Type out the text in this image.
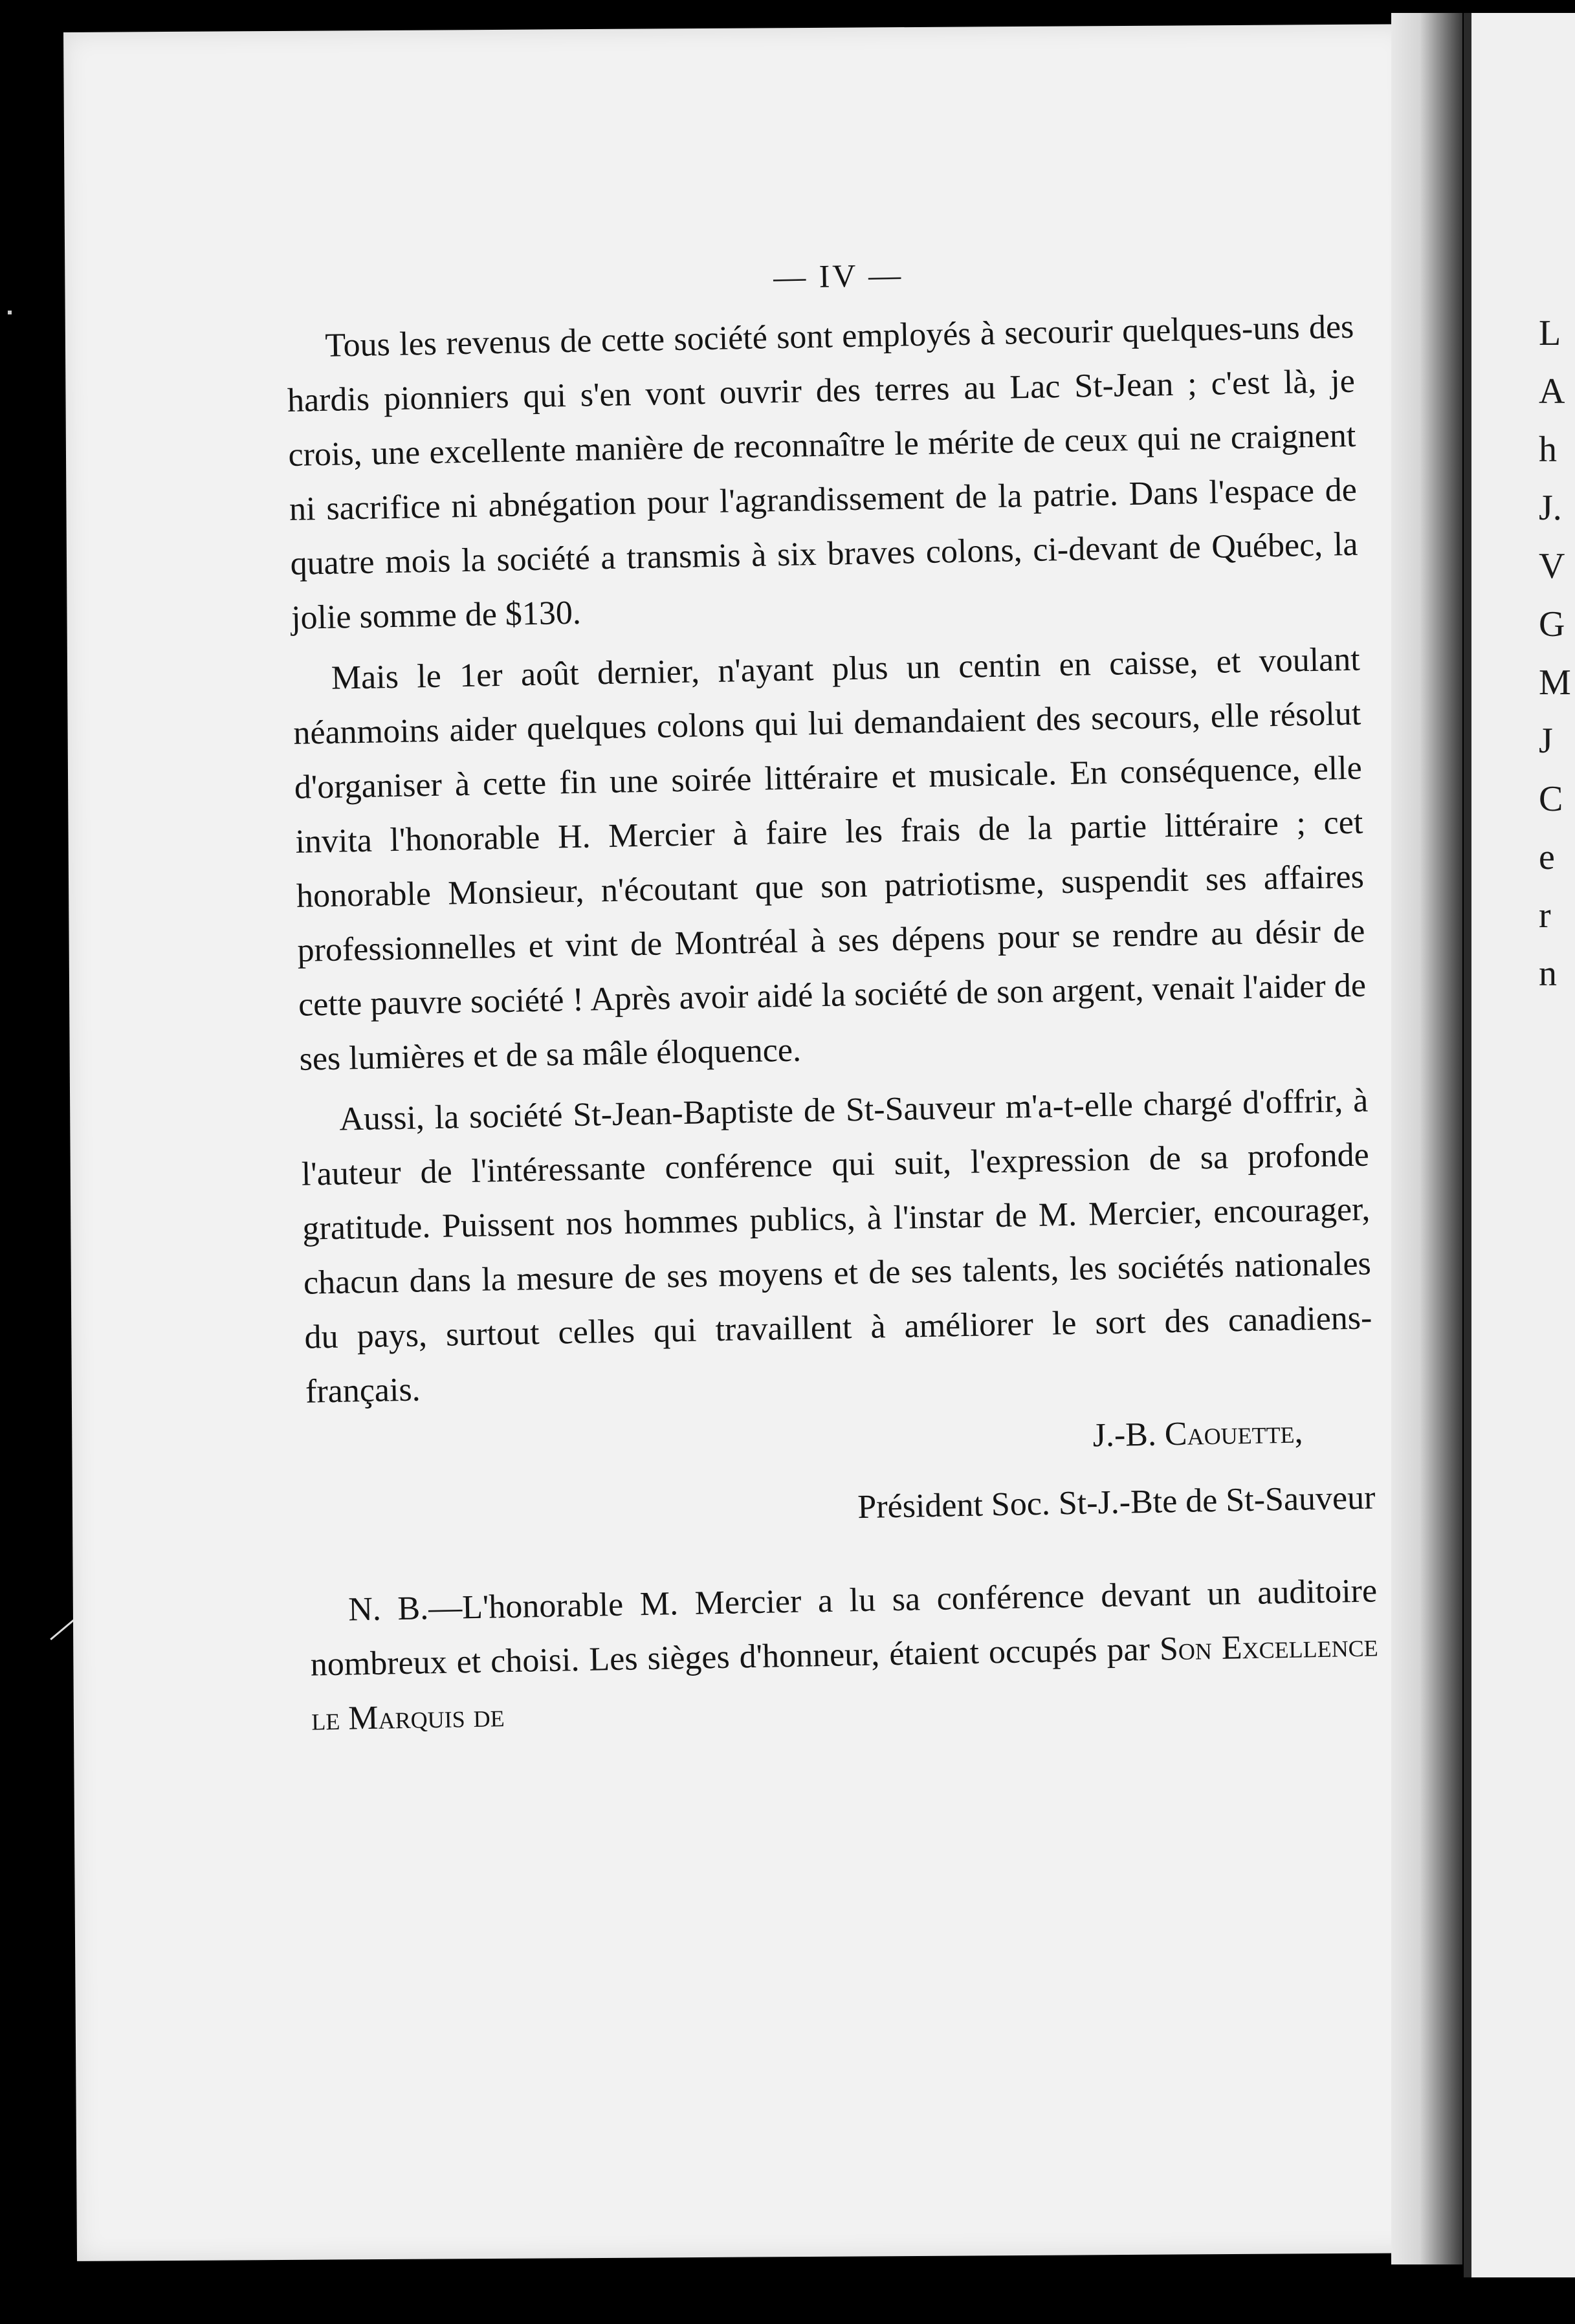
L
A
h
J.
V
G
M
J
C
e
r
n
— IV —

Tous les revenus de cette société sont employés à secourir quelques-uns des hardis pionniers qui s'en vont ouvrir des terres au Lac St-Jean ; c'est là, je crois, une excellente manière de reconnaître le mérite de ceux qui ne craignent ni sacrifice ni abnégation pour l'agrandissement de la patrie. Dans l'espace de quatre mois la société a transmis à six braves colons, ci-devant de Québec, la jolie somme de $130.

Mais le 1er août dernier, n'ayant plus un centin en caisse, et voulant néanmoins aider quelques colons qui lui demandaient des secours, elle résolut d'organiser à cette fin une soirée littéraire et musicale. En conséquence, elle invita l'honorable H. Mercier à faire les frais de la partie littéraire ; cet honorable Monsieur, n'écoutant que son patriotisme, suspendit ses affaires professionnelles et vint de Montréal à ses dépens pour se rendre au désir de cette pauvre société ! Après avoir aidé la société de son argent, venait l'aider de ses lumières et de sa mâle éloquence.

Aussi, la société St-Jean-Baptiste de St-Sauveur m'a-t-elle chargé d'offrir, à l'auteur de l'intéressante conférence qui suit, l'expression de sa profonde gratitude. Puissent nos hommes publics, à l'instar de M. Mercier, encourager, chacun dans la mesure de ses moyens et de ses talents, les sociétés nationales du pays, surtout celles qui travaillent à améliorer le sort des canadiens-français.

J.-B. Caouette,
Président Soc. St-J.-Bte de St-Sauveur

N. B.—L'honorable M. Mercier a lu sa conférence devant un auditoire nombreux et choisi. Les sièges d'honneur, étaient occupés par Son Excellence le Marquis de
